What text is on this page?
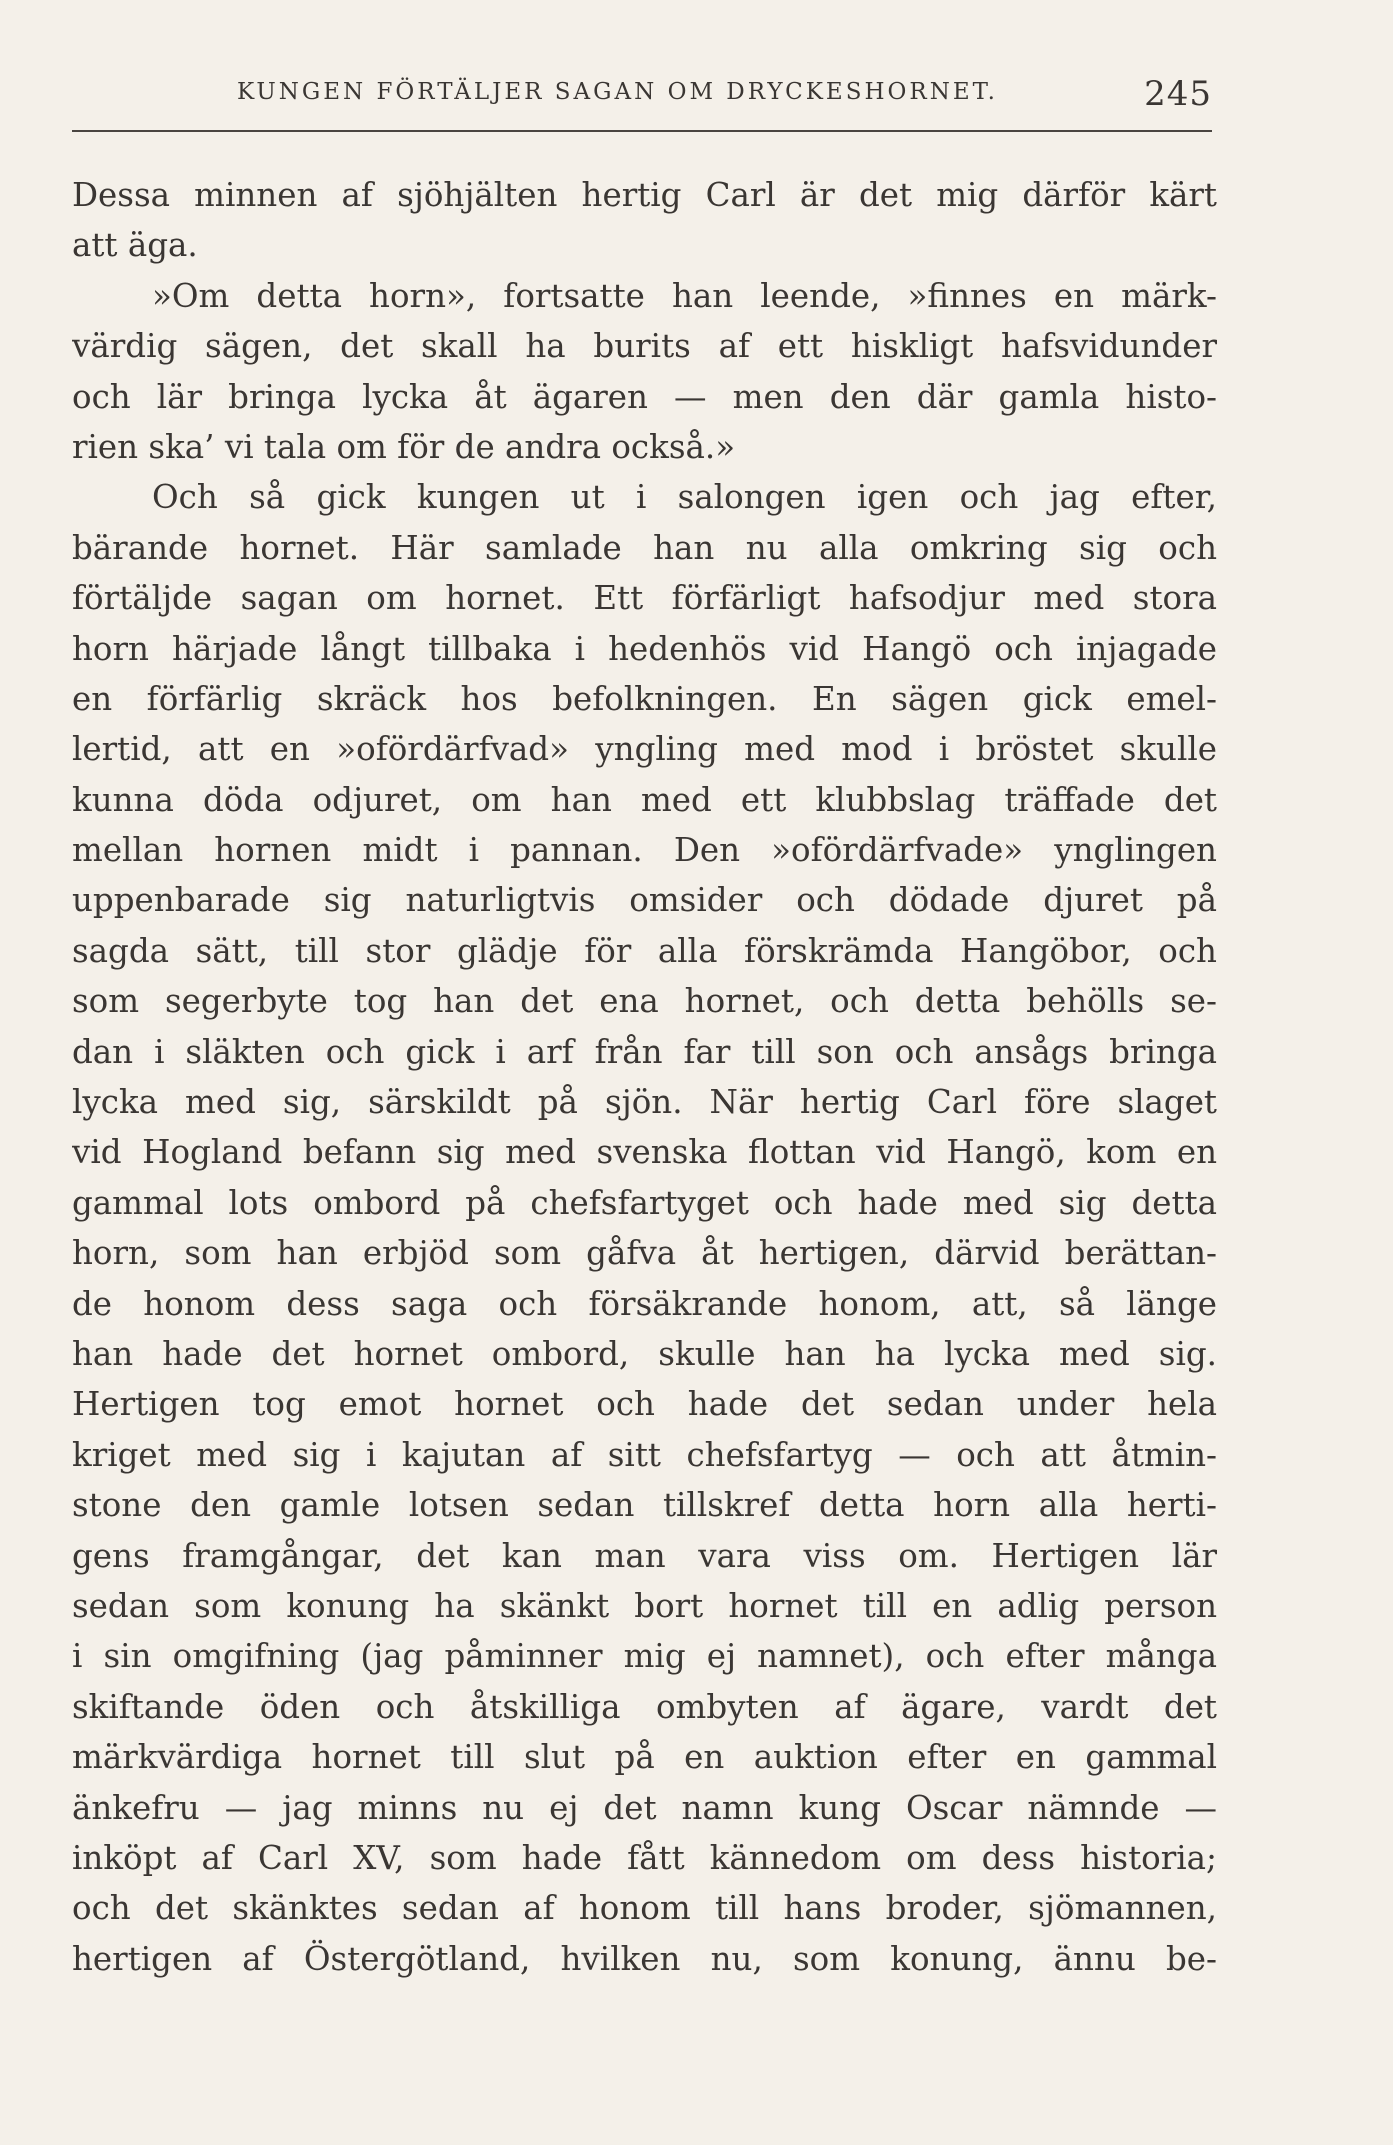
KUNGEN FÖRTÄLJER SAGAN OM DRYCKESHORNET.	245
Dessa minnen af sjöhjälten hertig Carl är det mig därför kärt
att äga.
»Om detta horn», fortsatte han leende, »finnes en märk-
värdig sägen, det skall ha burits af ett hiskligt hafsvidunder
och lär bringa lycka åt ägaren — men den där gamla histo-
rien ska’ vi tala om för de andra också.»
Och så gick kungen ut i salongen igen och jag efter,
bärande hornet. Här samlade han nu alla omkring sig och
förtäljde sagan om hornet. Ett förfärligt hafsodjur med stora
horn härjade långt tillbaka i hedenhös vid Hangö och injagade
en förfärlig skräck hos befolkningen. En sägen gick emel-
lertid, att en »ofördärfvad» yngling med mod i bröstet skulle
kunna döda odjuret, om han med ett klubbslag träffade det
mellan hornen midt i pannan. Den »ofördärfvade» ynglingen
uppenbarade sig naturligtvis omsider och dödade djuret på
sagda sätt, till stor glädje för alla förskrämda Hangöbor, och
som segerbyte tog han det ena hornet, och detta behölls se-
dan i släkten och gick i arf från far till son och ansågs bringa
lycka med sig, särskildt på sjön. När hertig Carl före slaget
vid Hogland befann sig med svenska flottan vid Hangö, kom en
gammal lots ombord på chefsfartyget och hade med sig detta
horn, som han erbjöd som gåfva åt hertigen, därvid berättan-
de honom dess saga och försäkrande honom, att, så länge
han hade det hornet ombord, skulle han ha lycka med sig.
Hertigen tog emot hornet och hade det sedan under hela
kriget med sig i kajutan af sitt chefsfartyg — och att åtmin-
stone den gamle lotsen sedan tillskref detta horn alla herti-
gens framgångar, det kan man vara viss om. Hertigen lär
sedan som konung ha skänkt bort hornet till en adlig person
i sin omgifning (jag påminner mig ej namnet), och efter många
skiftande öden och åtskilliga ombyten af ägare, vardt det
märkvärdiga hornet till slut på en auktion efter en gammal
änkefru — jag minns nu ej det namn kung Oscar nämnde —
inköpt af Carl XV, som hade fått kännedom om dess historia;
och det skänktes sedan af honom till hans broder, sjömannen,
hertigen af Östergötland, hvilken nu, som konung, ännu be-
